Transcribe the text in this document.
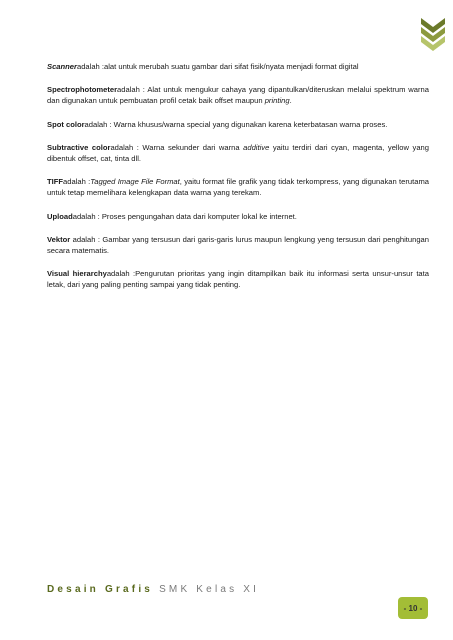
Scanneradalah :alat untuk merubah suatu gambar dari sifat fisik/nyata menjadi format digital

Spectrophotometeradalah : Alat untuk mengukur cahaya yang dipantulkan/diteruskan melalui spektrum warna dan digunakan untuk pembuatan profil cetak baik offset maupun printing.

Spot coloradalah : Warna khusus/warna special yang digunakan karena keterbatasan warna proses.

Subtractive coloradalah : Warna sekunder dari warna additive yaitu terdiri dari cyan, magenta, yellow yang dibentuk offset, cat, tinta dll.

TIFFadalah :Tagged Image File Format, yaitu format file grafik yang tidak terkompress, yang digunakan terutama untuk tetap memelihara kelengkapan data warna yang terekam.

Uploadadalah : Proses pengungahan data dari komputer lokal ke internet.

Vektor adalah : Gambar yang tersusun dari garis-garis lurus maupun lengkung yeng tersusun dari penghitungan secara matematis.

Visual hierarchyadalah :Pengurutan prioritas yang ingin ditampilkan baik itu informasi serta unsur-unsur tata letak, dari yang paling penting sampai yang tidak penting.

Desain Grafis SMK Kelas XI
- 10 -
